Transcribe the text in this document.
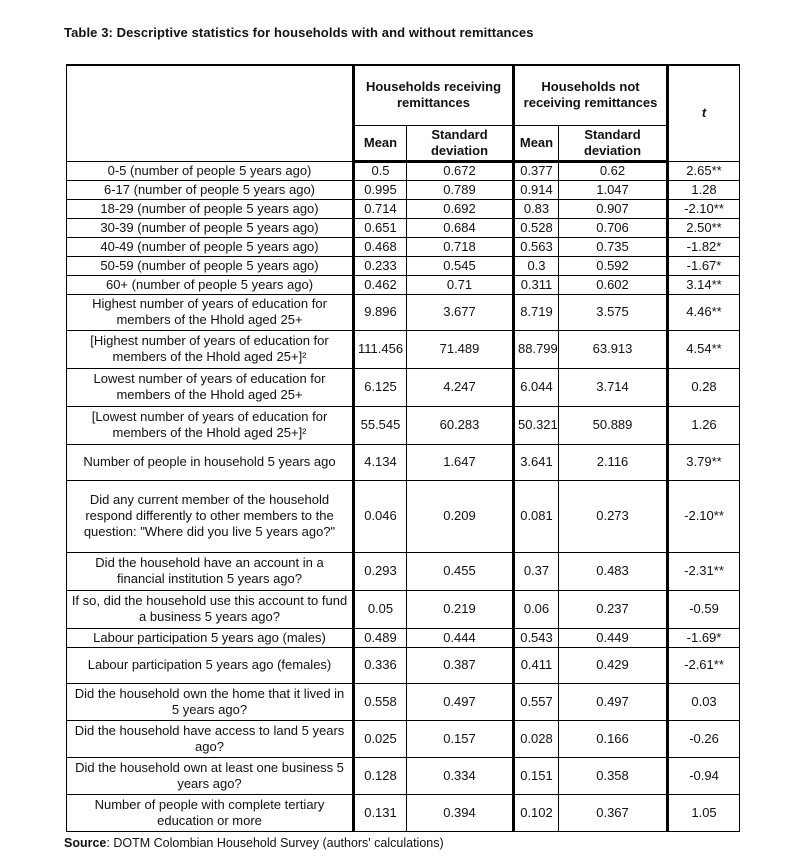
Table 3: Descriptive statistics for households with and without remittances
	Households receiving remittances		Households not receiving remittances		t
	Mean	Standard deviation	Mean	Standard deviation	
0-5 (number of people 5 years ago)	0.5	0.672	0.377	0.62	2.65**
6-17 (number of people 5 years ago)	0.995	0.789	0.914	1.047	1.28
18-29 (number of people 5 years ago)	0.714	0.692	0.83	0.907	-2.10**
30-39 (number of people 5 years ago)	0.651	0.684	0.528	0.706	2.50**
40-49 (number of people 5 years ago)	0.468	0.718	0.563	0.735	-1.82*
50-59 (number of people 5 years ago)	0.233	0.545	0.3	0.592	-1.67*
60+ (number of people 5 years ago)	0.462	0.71	0.311	0.602	3.14**
Highest number of years of education for members of the Hhold aged 25+	9.896	3.677	8.719	3.575	4.46**
[Highest number of years of education for members of the Hhold aged 25+]²	111.456	71.489	88.799	63.913	4.54**
Lowest number of years of education for members of the Hhold aged 25+	6.125	4.247	6.044	3.714	0.28
[Lowest number of years of education for members of the Hhold aged 25+]²	55.545	60.283	50.321	50.889	1.26
Number of people in household 5 years ago	4.134	1.647	3.641	2.116	3.79**
Did any current member of the household respond differently to other members to the question: "Where did you live 5 years ago?"	0.046	0.209	0.081	0.273	-2.10**
Did the household have an account in a financial institution 5 years ago?	0.293	0.455	0.37	0.483	-2.31**
If so, did the household use this account to fund a business 5 years ago?	0.05	0.219	0.06	0.237	-0.59
Labour participation 5 years ago (males)	0.489	0.444	0.543	0.449	-1.69*
Labour participation 5 years ago (females)	0.336	0.387	0.411	0.429	-2.61**
Did the household own the home that it lived in 5 years ago?	0.558	0.497	0.557	0.497	0.03
Did the household have access to land 5 years ago?	0.025	0.157	0.028	0.166	-0.26
Did the household own at least one business 5 years ago?	0.128	0.334	0.151	0.358	-0.94
Number of people with complete tertiary education or more	0.131	0.394	0.102	0.367	1.05
Source: DOTM Colombian Household Survey (authors' calculations)
